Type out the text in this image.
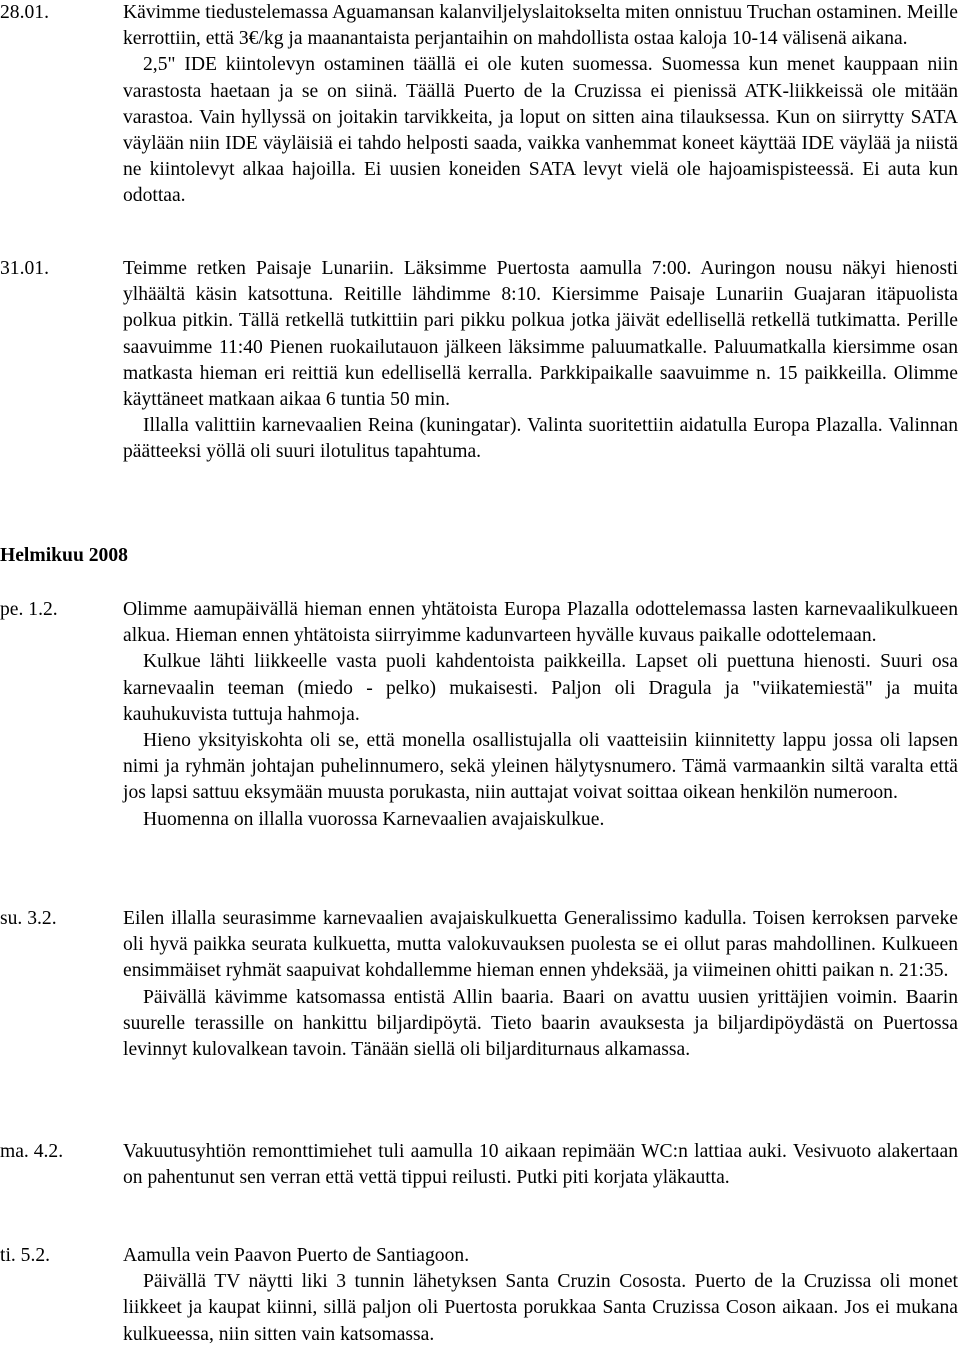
28.01.	Kävimme tiedustelemassa Aguamansan kalanviljelyslaitokselta miten onnistuu Truchan ostaminen. Meille kerrottiin, että 3€/kg ja maanantaista perjantaihin on mahdollista ostaa kaloja 10-14 välisenä aikana.

2,5" IDE kiintolevyn ostaminen täällä ei ole kuten suomessa. Suomessa kun menet kauppaan niin varastosta haetaan ja se on siinä. Täällä Puerto de la Cruzissa ei pienissä ATK-liikkeissä ole mitään varastoa. Vain hyllyssä on joitakin tarvikkeita, ja loput on sitten aina tilauksessa. Kun on siirrytty SATA väylään niin IDE väyläisiä ei tahdo helposti saada, vaikka vanhemmat koneet käyttää IDE väylää ja niistä ne kiintolevyt alkaa hajoilla. Ei uusien koneiden SATA levyt vielä ole hajoamispisteessä. Ei auta kun odottaa.

31.01.	Teimme retken Paisaje Lunariin. Läksimme Puertosta aamulla 7:00. Auringon nousu näkyi hienosti ylhäältä käsin katsottuna. Reitille lähdimme 8:10. Kiersimme Paisaje Lunariin Guajaran itäpuolista polkua pitkin. Tällä retkellä tutkittiin pari pikku polkua jotka jäivät edellisellä retkellä tutkimatta. Perille saavuimme 11:40 Pienen ruokailutauon jälkeen läksimme paluumatkalle. Paluumatkalla kiersimme osan matkasta hieman eri reittiä kun edellisellä kerralla. Parkkipaikalle saavuimme n. 15 paikkeilla. Olimme käyttäneet matkaan aikaa 6 tuntia 50 min.

Illalla valittiin karnevaalien Reina (kuningatar). Valinta suoritettiin aidatulla Europa Plazalla. Valinnan päätteeksi yöllä oli suuri ilotulitus tapahtuma.

Helmikuu 2008
pe. 1.2.	Olimme aamupäivällä hieman ennen yhtätoista Europa Plazalla odottelemassa lasten karnevaalikulkueen alkua. Hieman ennen yhtätoista siirryimme kadunvarteen hyvälle kuvaus paikalle odottelemaan.

Kulkue lähti liikkeelle vasta puoli kahdentoista paikkeilla. Lapset oli puettuna hienosti. Suuri osa karnevaalin teeman (miedo - pelko) mukaisesti. Paljon oli Dragula ja "viikatemiestä" ja muita kauhukuvista tuttuja hahmoja.

Hieno yksityiskohta oli se, että monella osallistujalla oli vaatteisiin kiinnitetty lappu jossa oli lapsen nimi ja ryhmän johtajan puhelinnumero, sekä yleinen hälytysnumero. Tämä varmaankin siltä varalta että jos lapsi sattuu eksymään muusta porukasta, niin auttajat voivat soittaa oikean henkilön numeroon.

Huomenna on illalla vuorossa Karnevaalien avajaiskulkue.

su. 3.2.	Eilen illalla seurasimme karnevaalien avajaiskulkuetta Generalissimo kadulla. Toisen kerroksen parveke oli hyvä paikka seurata kulkuetta, mutta valokuvauksen puolesta se ei ollut paras mahdollinen. Kulkueen ensimmäiset ryhmät saapuivat kohdallemme hieman ennen yhdeksää, ja viimeinen ohitti paikan n. 21:35.

Päivällä kävimme katsomassa entistä Allin baaria. Baari on avattu uusien yrittäjien voimin. Baarin suurelle terassille on hankittu biljardipöytä. Tieto baarin avauksesta ja biljardipöydästä on Puertossa levinnyt kulovalkean tavoin. Tänään siellä oli biljarditurnaus alkamassa.

ma. 4.2.	Vakuutusyhtiön remonttimiehet tuli aamulla 10 aikaan repimään WC:n lattiaa auki. Vesivuoto alakertaan on pahentunut sen verran että vettä tippui reilusti. Putki piti korjata yläkautta.

ti. 5.2.	Aamulla vein Paavon Puerto de Santiagoon.

Päivällä TV näytti liki 3 tunnin lähetyksen Santa Cruzin Cososta. Puerto de la Cruzissa oli monet liikkeet ja kaupat kiinni, sillä paljon oli Puertosta porukkaa Santa Cruzissa Coson aikaan. Jos ei mukana kulkueessa, niin sitten vain katsomassa.
